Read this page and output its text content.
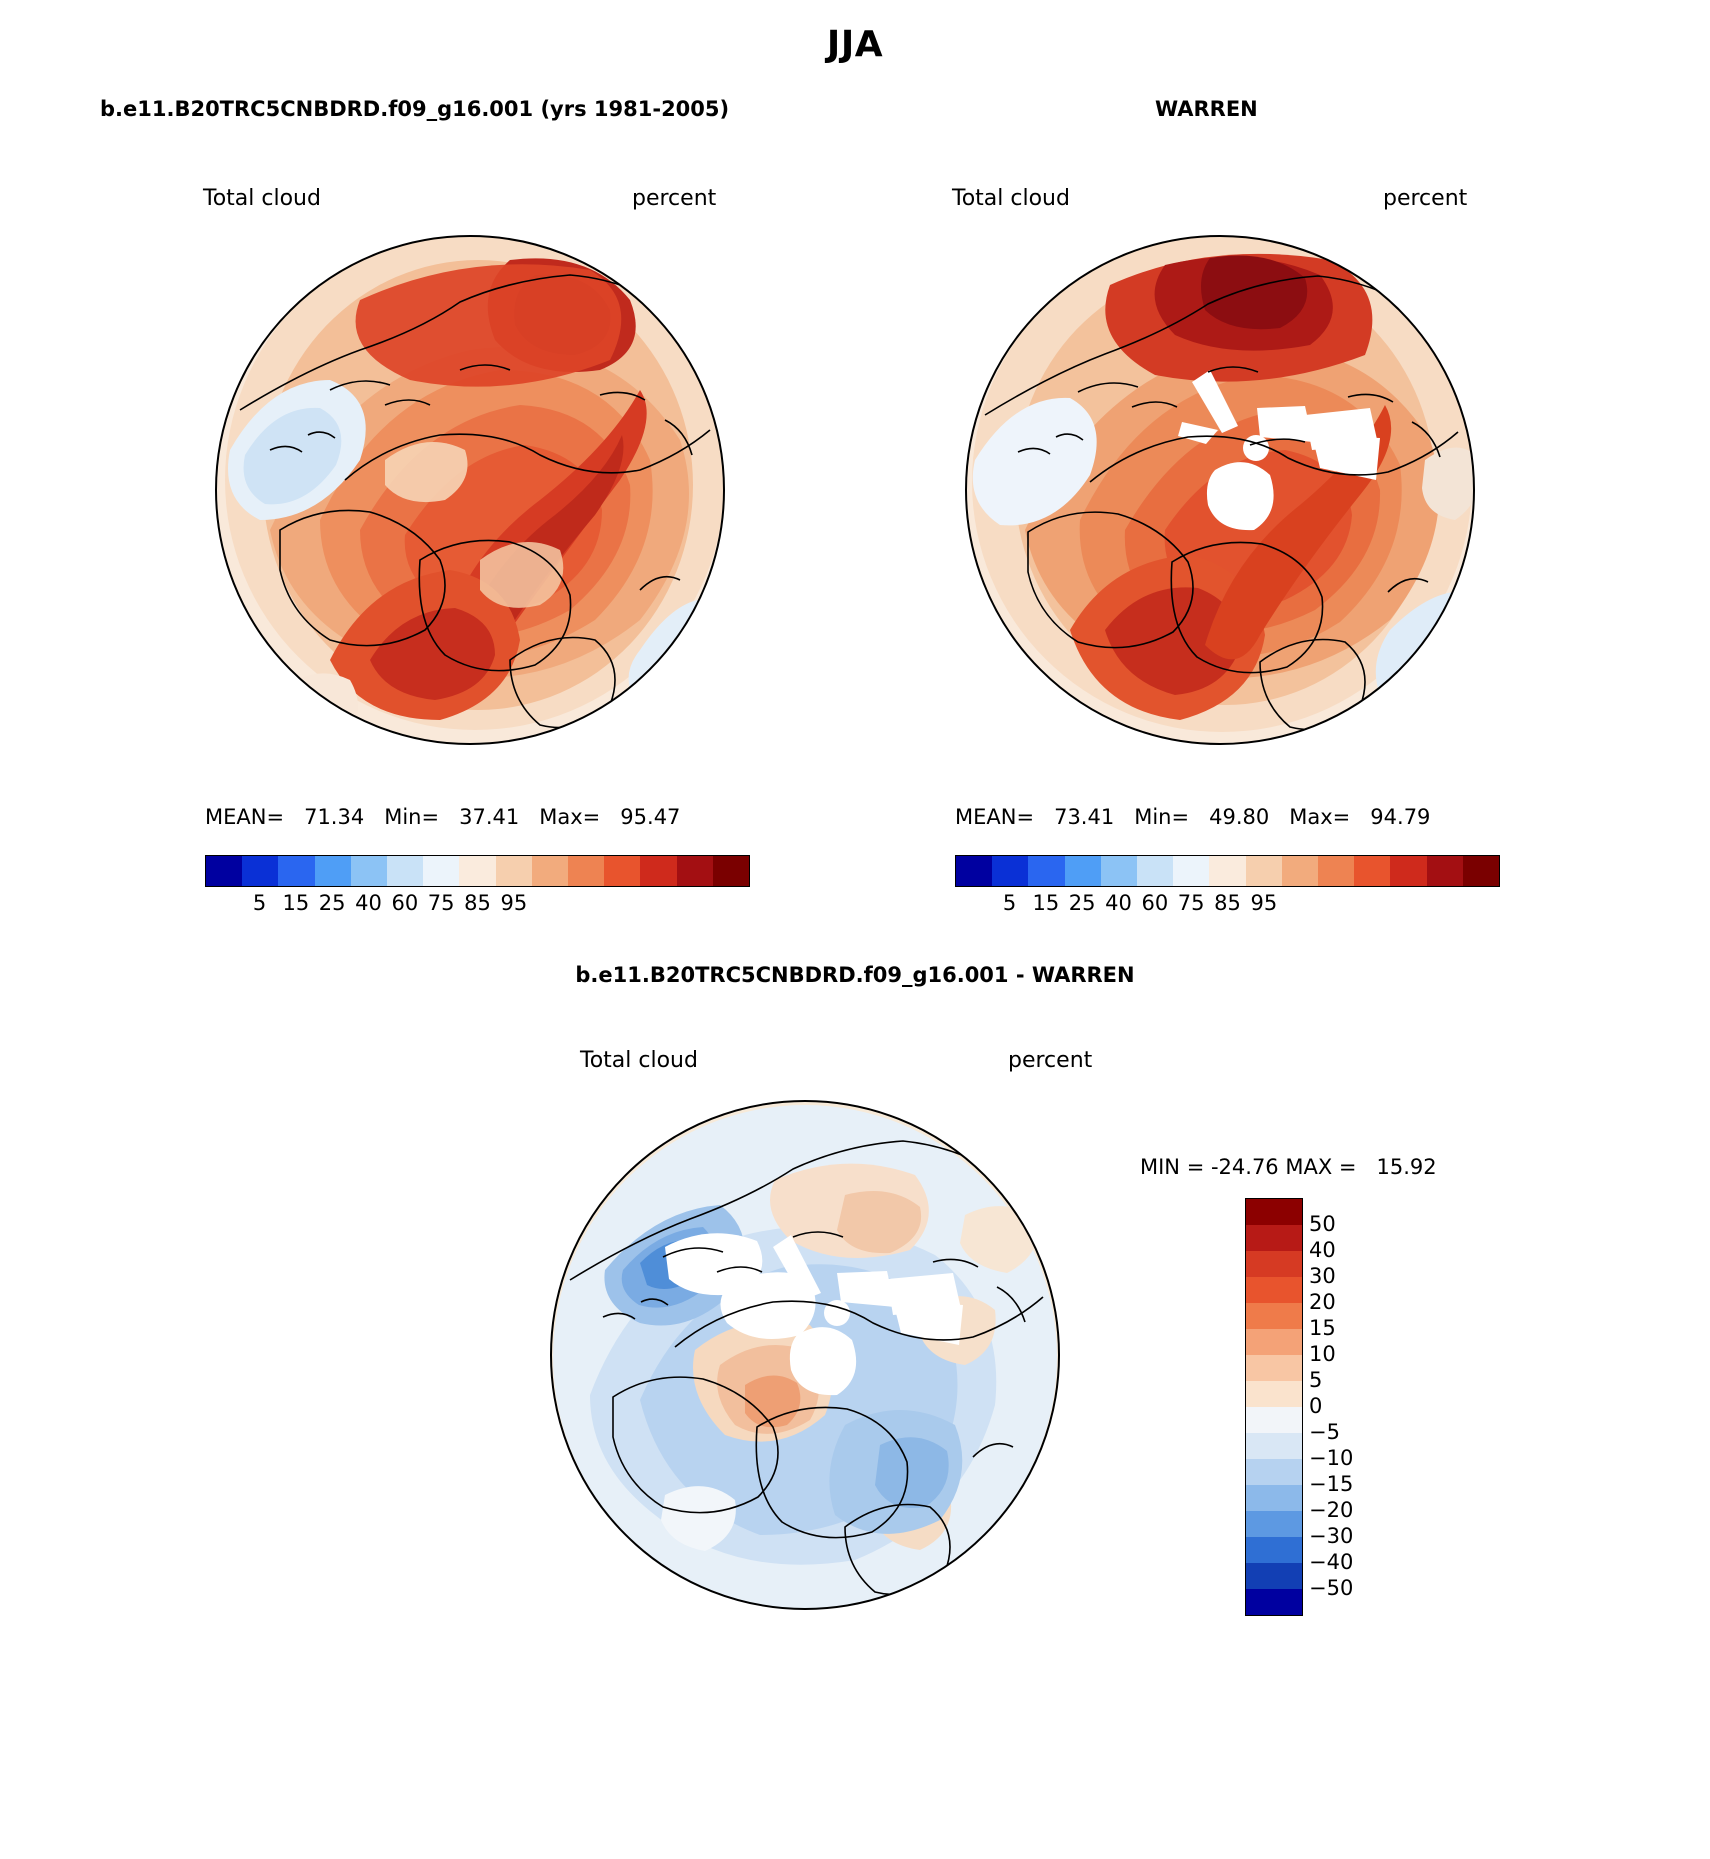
JJA
b.e11.B20TRC5CNBDRD.f09_g16.001 (yrs 1981-2005)
Total cloud	percent
MEAN=   71.34   Min=   37.41   Max=   95.47
5 15 25 40 60 75 85 95
WARREN
Total cloud	percent
MEAN=   73.41   Min=   49.80   Max=   94.79
5 15 25 40 60 75 85 95
b.e11.B20TRC5CNBDRD.f09_g16.001 - WARREN
Total cloud	percent
MIN = -24.76 MAX =   15.92
50
40
30
20
15
10
5
0
−5
−10
−15
−20
−30
−40
−50
